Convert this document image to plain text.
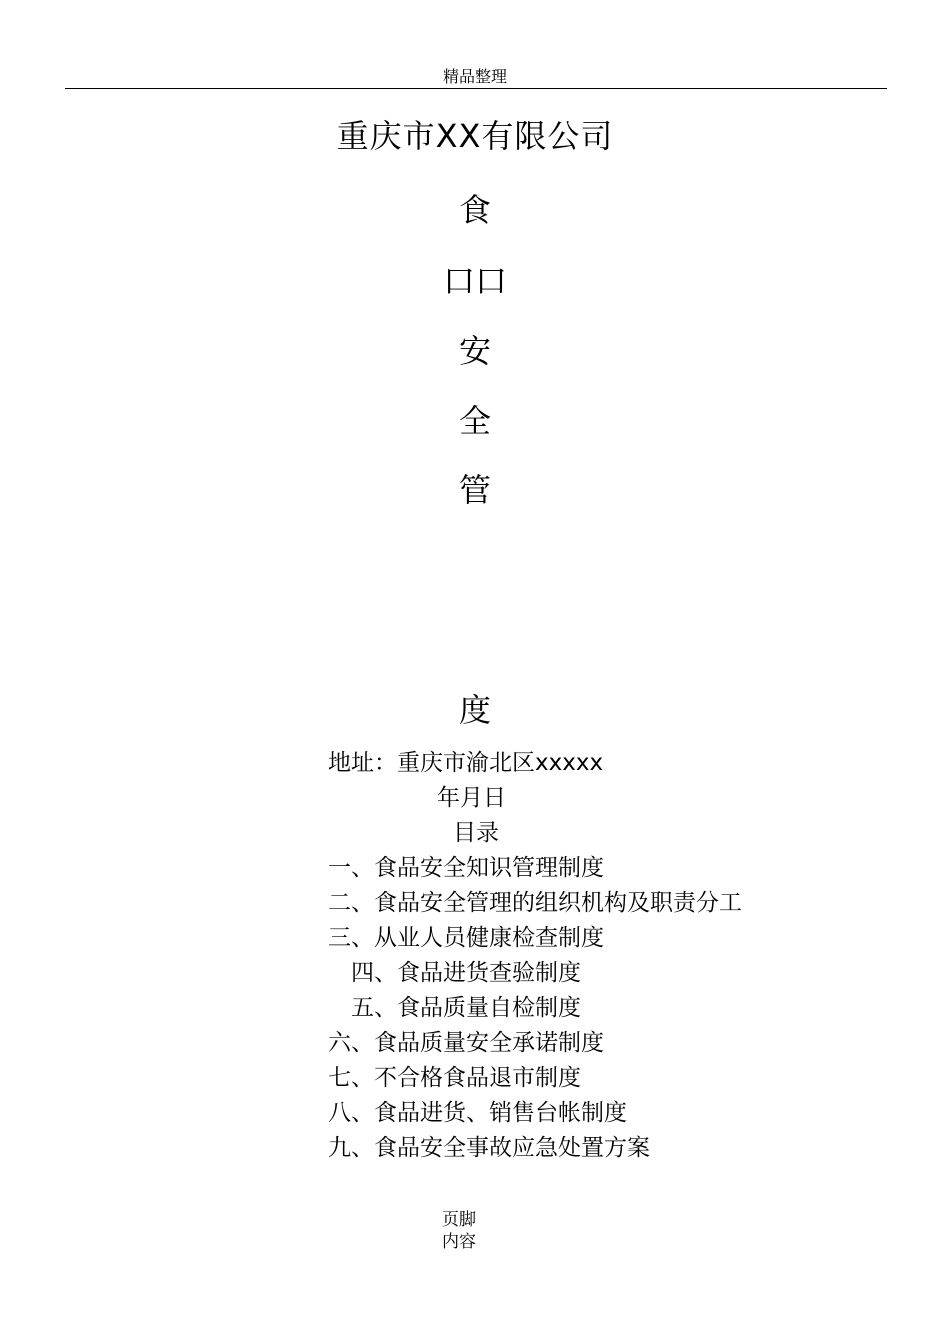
精品整理
重庆市XX有限公司
食
口口
安
全
管
度
地址：重庆市渝北区xxxxx
年月日
目录
一、食品安全知识管理制度
二、食品安全管理的组织机构及职责分工
三、从业人员健康检查制度
四、食品进货查验制度
五、食品质量自检制度
六、食品质量安全承诺制度
七、不合格食品退市制度
八、食品进货、销售台帐制度
九、食品安全事故应急处置方案
页脚
内容
